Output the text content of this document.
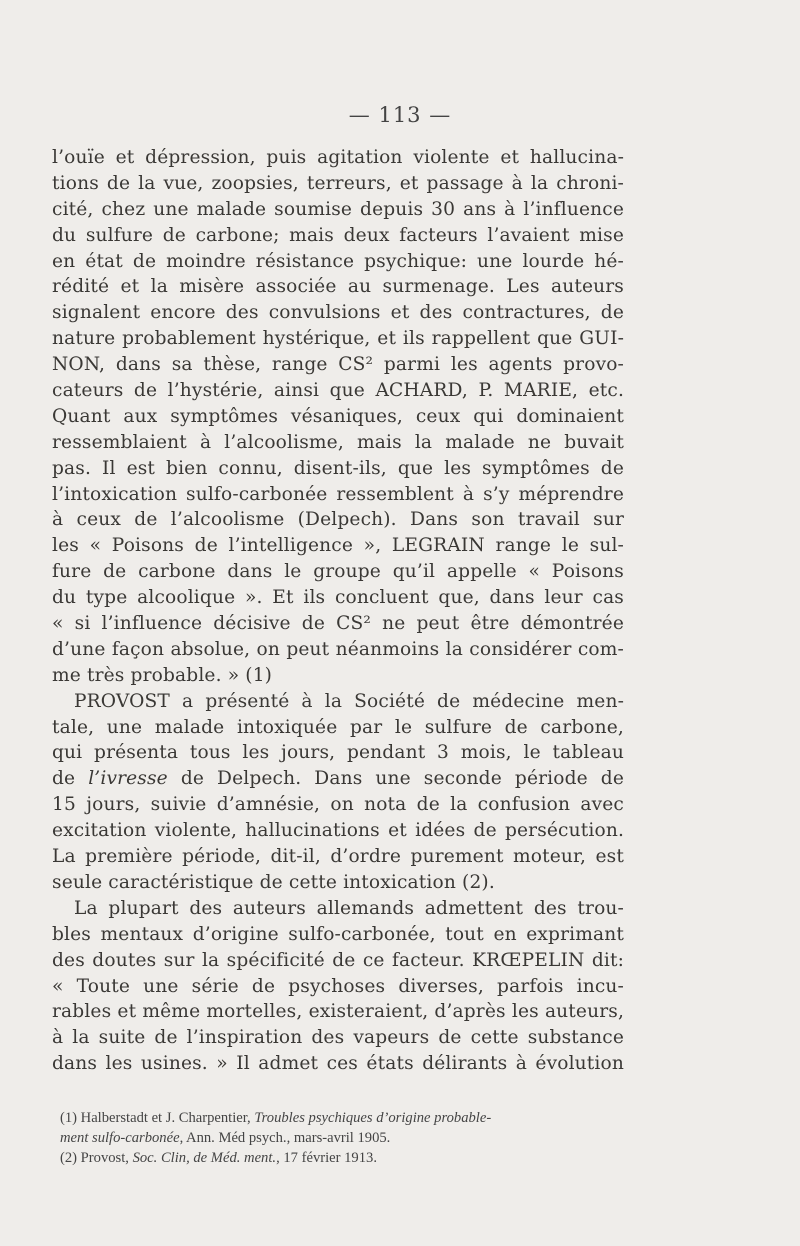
— 113 —
l’ouïe et dépression, puis agitation violente et hallucina-
tions de la vue, zoopsies, terreurs, et passage à la chroni-
cité, chez une malade soumise depuis 30 ans à l’influence
du sulfure de carbone; mais deux facteurs l’avaient mise
en état de moindre résistance psychique: une lourde hé-
rédité et la misère associée au surmenage. Les auteurs
signalent encore des convulsions et des contractures, de
nature probablement hystérique, et ils rappellent que GUI-
NON, dans sa thèse, range CS² parmi les agents provo-
cateurs de l’hystérie, ainsi que ACHARD, P. MARIE, etc.
Quant aux symptômes vésaniques, ceux qui dominaient
ressemblaient à l’alcoolisme, mais la malade ne buvait
pas. Il est bien connu, disent-ils, que les symptômes de
l’intoxication sulfo-carbonée ressemblent à s’y méprendre
à ceux de l’alcoolisme (Delpech). Dans son travail sur
les « Poisons de l’intelligence », LEGRAIN range le sul-
fure de carbone dans le groupe qu’il appelle « Poisons
du type alcoolique ». Et ils concluent que, dans leur cas
« si l’influence décisive de CS² ne peut être démontrée
d’une façon absolue, on peut néanmoins la considérer com-
me très probable. » (1)
PROVOST a présenté à la Société de médecine men-
tale, une malade intoxiquée par le sulfure de carbone,
qui présenta tous les jours, pendant 3 mois, le tableau
de l’ivresse de Delpech. Dans une seconde période de
15 jours, suivie d’amnésie, on nota de la confusion avec
excitation violente, hallucinations et idées de persécution.
La première période, dit-il, d’ordre purement moteur, est
seule caractéristique de cette intoxication (2).
La plupart des auteurs allemands admettent des trou-
bles mentaux d’origine sulfo-carbonée, tout en exprimant
des doutes sur la spécificité de ce facteur. KRŒPELIN dit:
« Toute une série de psychoses diverses, parfois incu-
rables et même mortelles, existeraient, d’après les auteurs,
à la suite de l’inspiration des vapeurs de cette substance
dans les usines. » Il admet ces états délirants à évolution
(1) Halberstadt et J. Charpentier, Troubles psychiques d’origine probable-
ment sulfo-carbonée, Ann. Méd psych., mars-avril 1905.
(2) Provost, Soc. Clin, de Méd. ment., 17 février 1913.
